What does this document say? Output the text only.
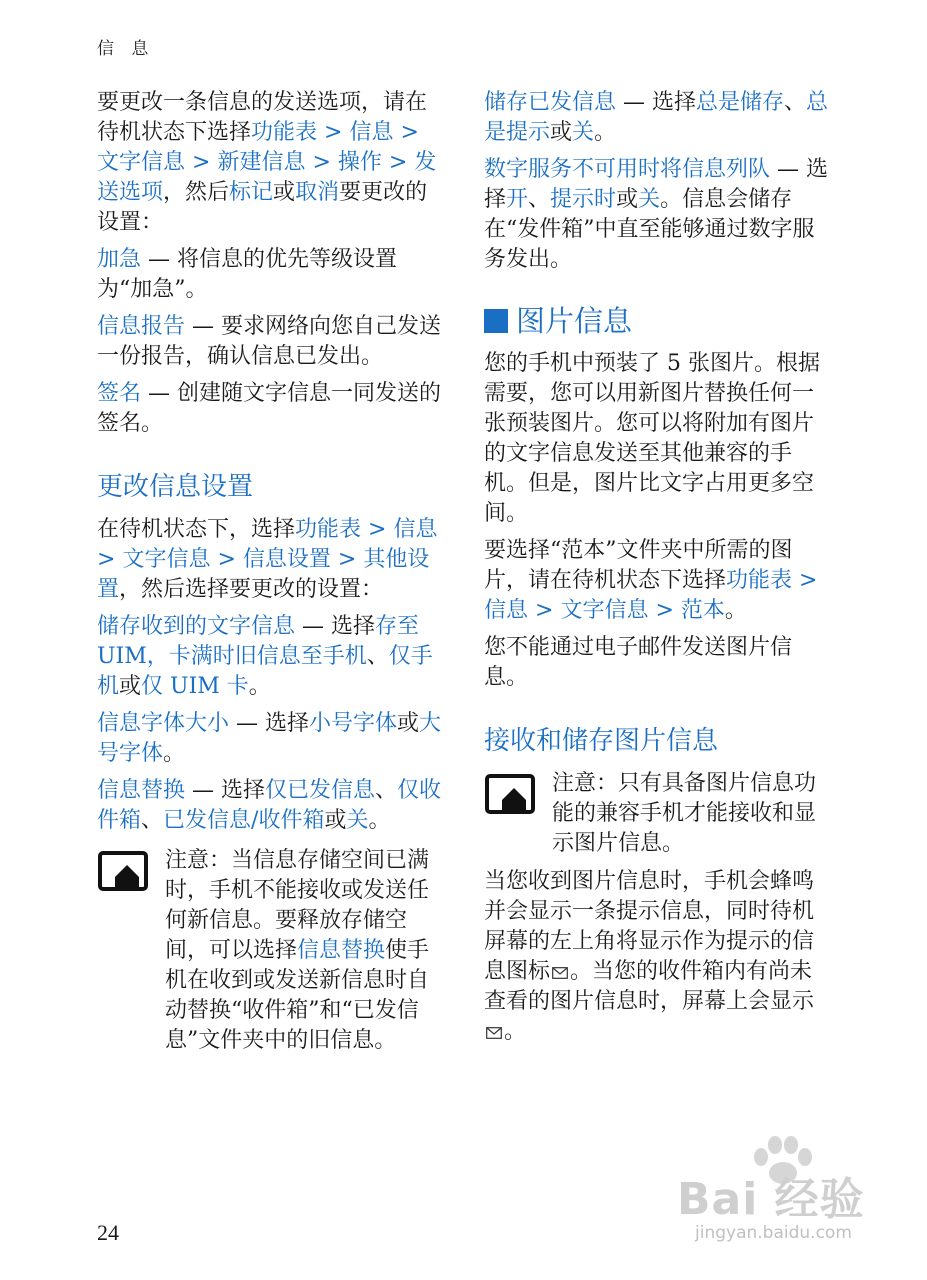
信 息

要更改一条信息的发送选项，请在待机状态下选择功能表 > 信息 > 文字信息 > 新建信息 > 操作 > 发送选项，然后标记或取消要更改的设置：

加急 — 将信息的优先等级设置为“加急”。

信息报告 — 要求网络向您自己发送一份报告，确认信息已发出。

签名 — 创建随文字信息一同发送的签名。

更改信息设置

在待机状态下，选择功能表 > 信息 > 文字信息 > 信息设置 > 其他设置，然后选择要更改的设置：

储存收到的文字信息 — 选择存至 UIM，卡满时旧信息至手机、仅手机或仅 UIM 卡。

信息字体大小 — 选择小号字体或大号字体。

信息替换 — 选择仅已发信息、仅收件箱、已发信息/收件箱或关。

注意：当信息存储空间已满时，手机不能接收或发送任何新信息。要释放存储空间，可以选择信息替换使手机在收到或发送新信息时自动替换“收件箱”和“已发信息”文件夹中的旧信息。

储存已发信息 — 选择总是储存、总是提示或关。

数字服务不可用时将信息列队 — 选择开、提示时或关。信息会储存在“发件箱”中直至能够通过数字服务发出。

图片信息

您的手机中预装了 5 张图片。根据需要，您可以用新图片替换任何一张预装图片。您可以将附加有图片的文字信息发送至其他兼容的手机。但是，图片比文字占用更多空间。

要选择“范本”文件夹中所需的图片，请在待机状态下选择功能表 > 信息 > 文字信息 > 范本。

您不能通过电子邮件发送图片信息。

接收和储存图片信息
注意：只有具备图片信息功能的兼容手机才能接收和显示图片信息。

当您收到图片信息时，手机会蜂鸣并会显示一条提示信息，同时待机屏幕的左上角将显示作为提示的信息图标 。当您的收件箱内有尚未查看的图片信息时，屏幕上会显示。

24
Bai 经验
jingyan.baidu.com
